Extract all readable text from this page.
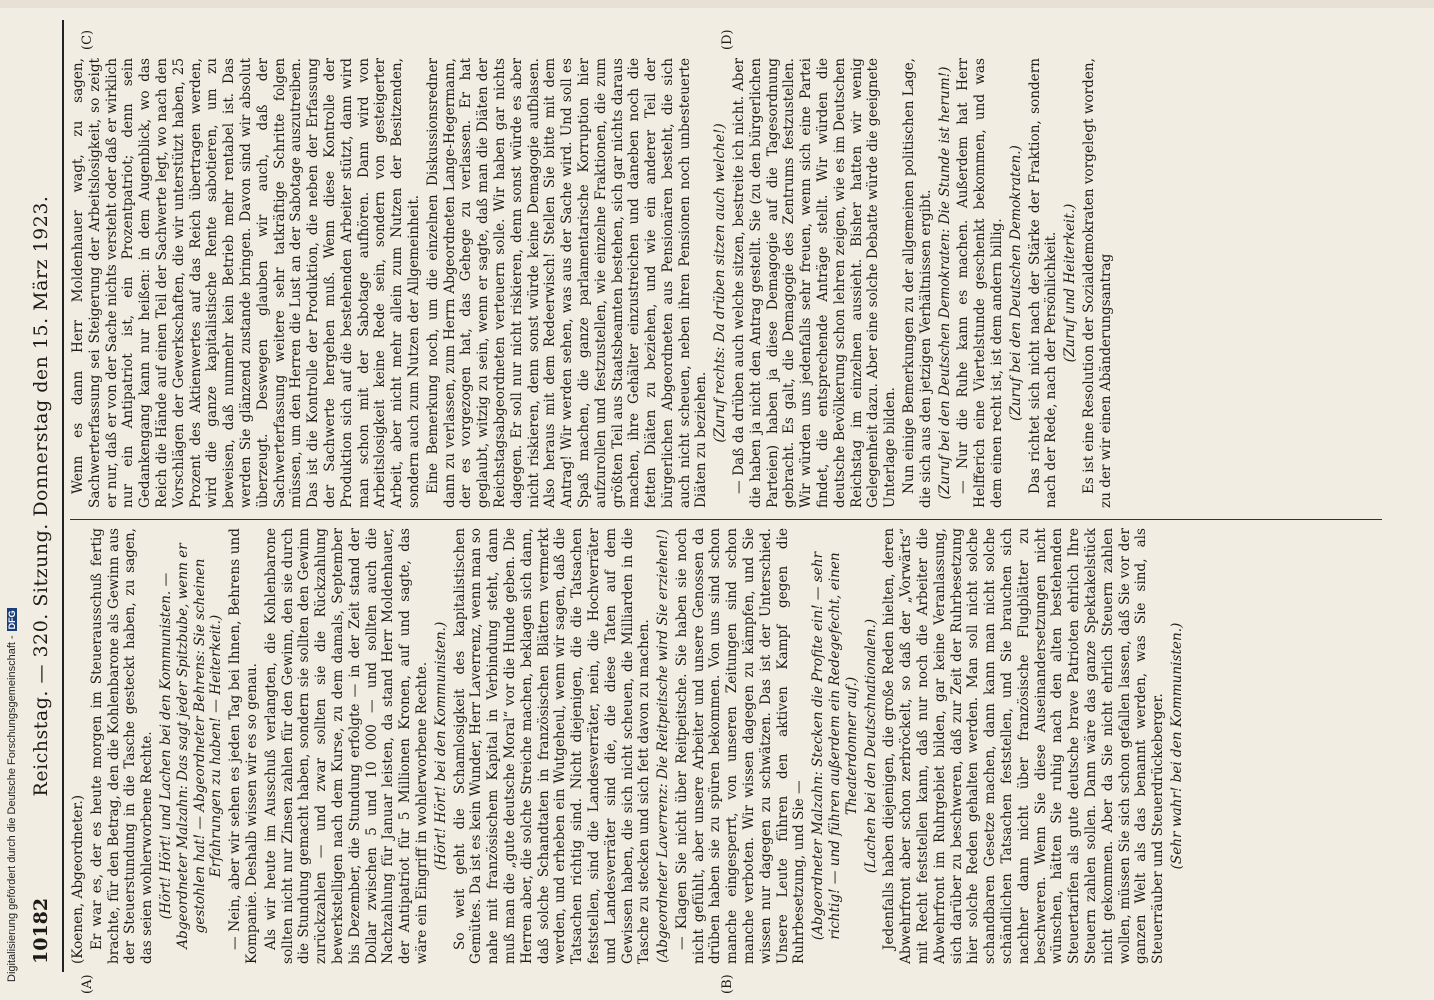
10182
Reichstag. — 320. Sitzung. Donnerstag den 15. März 1923.
(A)	(B)
(C)	(D)

(Koenen, Abgeordneter.) Er war es, der es heute morgen im Steuerausschuß fertig brachte, für den Betrag, den die Kohlenbarone als Gewinn aus der Steuerstundung in die Tasche gesteckt haben, zu sagen, das seien wohlerworbene Rechte. (Hört! Hört! und Lachen bei den Kommunisten. — Abgeordneter Malzahn: Das sagt jeder Spitzbube, wenn er gestohlen hat! — Abgeordneter Behrens: Sie scheinen Erfahrungen zu haben! — Heiterkeit.) — Nein, aber wir sehen es jeden Tag bei Ihnen, Behrens und Kompanie. Deshalb wissen wir es so genau. Als wir heute im Ausschuß verlangten, die Kohlenbarone sollten nicht nur Zinsen zahlen für den Gewinn, den sie durch die Stundung gemacht haben, sondern sie sollten den Gewinn zurückzahlen — und zwar sollten sie die Rückzahlung bewerkstelligen nach dem Kurse, zu dem damals, September bis Dezember, die Stundung erfolgte — in der Zeit stand der Dollar zwischen 5 und 10 000 — und sollten auch die Nachzahlung für Januar leisten, da stand Herr Moldenhauer, der Antipatriot für 5 Millionen Kronen, auf und sagte, das wäre ein Eingriff in wohlerworbene Rechte. (Hört! Hört! bei den Kommunisten.) So weit geht die Schamlosigkeit des kapitalistischen Gemütes. Da ist es kein Wunder, Herr Laverrenz, wenn man so nahe mit französischem Kapital in Verbindung steht, dann muß man die „gute deutsche Moral“ vor die Hunde geben. Die Herren aber, die solche Streiche machen, beklagen sich dann, daß solche Schandtaten in französischen Blättern vermerkt werden, und erheben ein Wutgeheul, wenn wir sagen, daß die Tatsachen richtig sind. Nicht diejenigen, die die Tatsachen feststellen, sind die Landesverräter, nein, die Hochverräter und Landesverräter sind die, die diese Taten auf dem Gewissen haben, die sich nicht scheuen, die Milliarden in die Tasche zu stecken und sich fett davon zu machen. (Abgeordneter Laverrenz: Die Reitpeitsche wird Sie erziehen!) — Klagen Sie nicht über Reitpeitsche. Sie haben sie noch nicht gefühlt, aber unsere Arbeiter und unsere Genossen da drüben haben sie zu spüren bekommen. Von uns sind schon manche eingesperrt, von unseren Zeitungen sind schon manche verboten. Wir wissen dagegen zu kämpfen, und Sie wissen nur dagegen zu schwätzen. Das ist der Unterschied. Unsere Leute führen den aktiven Kampf gegen die Ruhrbesetzung, und Sie — (Abgeordneter Malzahn: Stecken die Profite ein! — sehr richtig! — und führen außerdem ein Redegefecht, einen Theaterdonner auf.) (Lachen bei den Deutschnationalen.) Jedenfalls haben diejenigen, die große Reden hielten, deren Abwehrfront aber schon zerbröckelt, so daß der „Vorwärts“ mit Recht feststellen kann, daß nur noch die Arbeiter die Abwehrfront im Ruhrgebiet bilden, gar keine Veranlassung, sich darüber zu beschweren, daß zur Zeit der Ruhrbesetzung hier solche Reden gehalten werden. Man soll nicht solche schandbaren Gesetze machen, dann kann man nicht solche schändlichen Tatsachen feststellen, und Sie brauchen sich nachher dann nicht über französische Flugblätter zu beschweren. Wenn Sie diese Auseinandersetzungen nicht wünschen, hätten Sie ruhig nach den alten bestehenden Steuertarifen als gute deutsche brave Patrioten ehrlich Ihre Steuern zahlen sollen. Dann wäre das ganze Spektakelstück nicht gekommen. Aber da Sie nicht ehrlich Steuern zahlen wollen, müssen Sie sich schon gefallen lassen, daß Sie vor der ganzen Welt als das benannt werden, was Sie sind, als Steuerräuber und Steuerdrückeberger. (Sehr wahr! bei den Kommunisten.)

Wenn es dann Herr Moldenhauer wagt, zu sagen, Sachwerterfassung sei Steigerung der Arbeitslosigkeit, so zeigt er nur, daß er von der Sache nichts versteht oder daß er wirklich nur ein Antipatriot ist, ein Prozentpatriot; denn sein Gedankengang kann nur heißen: in dem Augenblick, wo das Reich die Hände auf einen Teil der Sachwerte legt, wo nach den Vorschlägen der Gewerkschaften, die wir unterstützt haben, 25 Prozent des Aktienwertes auf das Reich übertragen werden, wird die ganze kapitalistische Rente sabotieren, um zu beweisen, daß nunmehr kein Betrieb mehr rentabel ist. Das werden Sie glänzend zustande bringen. Davon sind wir absolut überzeugt. Deswegen glauben wir auch, daß der Sachwerterfassung weitere sehr tatkräftige Schritte folgen müssen, um den Herren die Lust an der Sabotage auszutreiben. Das ist die Kontrolle der Produktion, die neben der Erfassung der Sachwerte hergehen muß. Wenn diese Kontrolle der Produktion sich auf die bestehenden Arbeiter stützt, dann wird man schon mit der Sabotage aufhören. Dann wird von Arbeitslosigkeit keine Rede sein, sondern von gesteigerter Arbeit, aber nicht mehr allein zum Nutzen der Besitzenden, sondern auch zum Nutzen der Allgemeinheit. Eine Bemerkung noch, um die einzelnen Diskussionsredner dann zu verlassen, zum Herrn Abgeordneten Lange-Hegermann, der es vorgezogen hat, das Gehege zu verlassen. Er hat geglaubt, witzig zu sein, wenn er sagte, daß man die Diäten der Reichstagsabgeordneten verteuern solle. Wir haben gar nichts dagegen. Er soll nur nicht riskieren, denn sonst würde es aber nicht riskieren, denn sonst würde keine Demagogie aufblasen. Also heraus mit dem Redeerwisch! Stellen Sie bitte mit dem Antrag! Wir werden sehen, was aus der Sache wird. Und soll es Spaß machen, die ganze parlamentarische Korruption hier aufzurollen und festzustellen, wie einzelne Fraktionen, die zum größten Teil aus Staatsbeamten bestehen, sich gar nichts daraus machen, ihre Gehälter einzustreichen und daneben noch die fetten Diäten zu beziehen, und wie ein anderer Teil der bürgerlichen Abgeordneten aus Pensionären besteht, die sich auch nicht scheuen, neben ihren Pensionen noch unbesteuerte Diäten zu beziehen. (Zuruf rechts: Da drüben sitzen auch welche!) — Daß da drüben auch welche sitzen, bestreite ich nicht. Aber die haben ja nicht den Antrag gestellt. Sie (zu den bürgerlichen Parteien) haben ja diese Demagogie auf die Tagesordnung gebracht. Es galt, die Demagogie des Zentrums festzustellen. Wir würden uns jedenfalls sehr freuen, wenn sich eine Partei findet, die entsprechende Anträge stellt. Wir würden die deutsche Bevölkerung schon lehren zeigen, wie es im Deutschen Reichstag im einzelnen aussieht. Bisher hatten wir wenig Gelegenheit dazu. Aber eine solche Debatte würde die geeignete Unterlage bilden. Nun einige Bemerkungen zu der allgemeinen politischen Lage, die sich aus den jetzigen Verhältnissen ergibt. (Zuruf bei den Deutschen Demokraten: Die Stunde ist herum!) — Nur die Ruhe kann es machen. Außerdem hat Herr Helfferich eine Viertelstunde geschenkt bekommen, und was dem einen recht ist, ist dem andern billig. (Zuruf bei den Deutschen Demokraten.) Das richtet sich nicht nach der Stärke der Fraktion, sondern nach der Rede, nach der Persönlichkeit. (Zuruf und Heiterkeit.) Es ist eine Resolution der Sozialdemokraten vorgelegt worden, zu der wir einen Abänderungsantrag

Digitalisierung gefördert durch die Deutsche Forschungsgemeinschaft -DFG
